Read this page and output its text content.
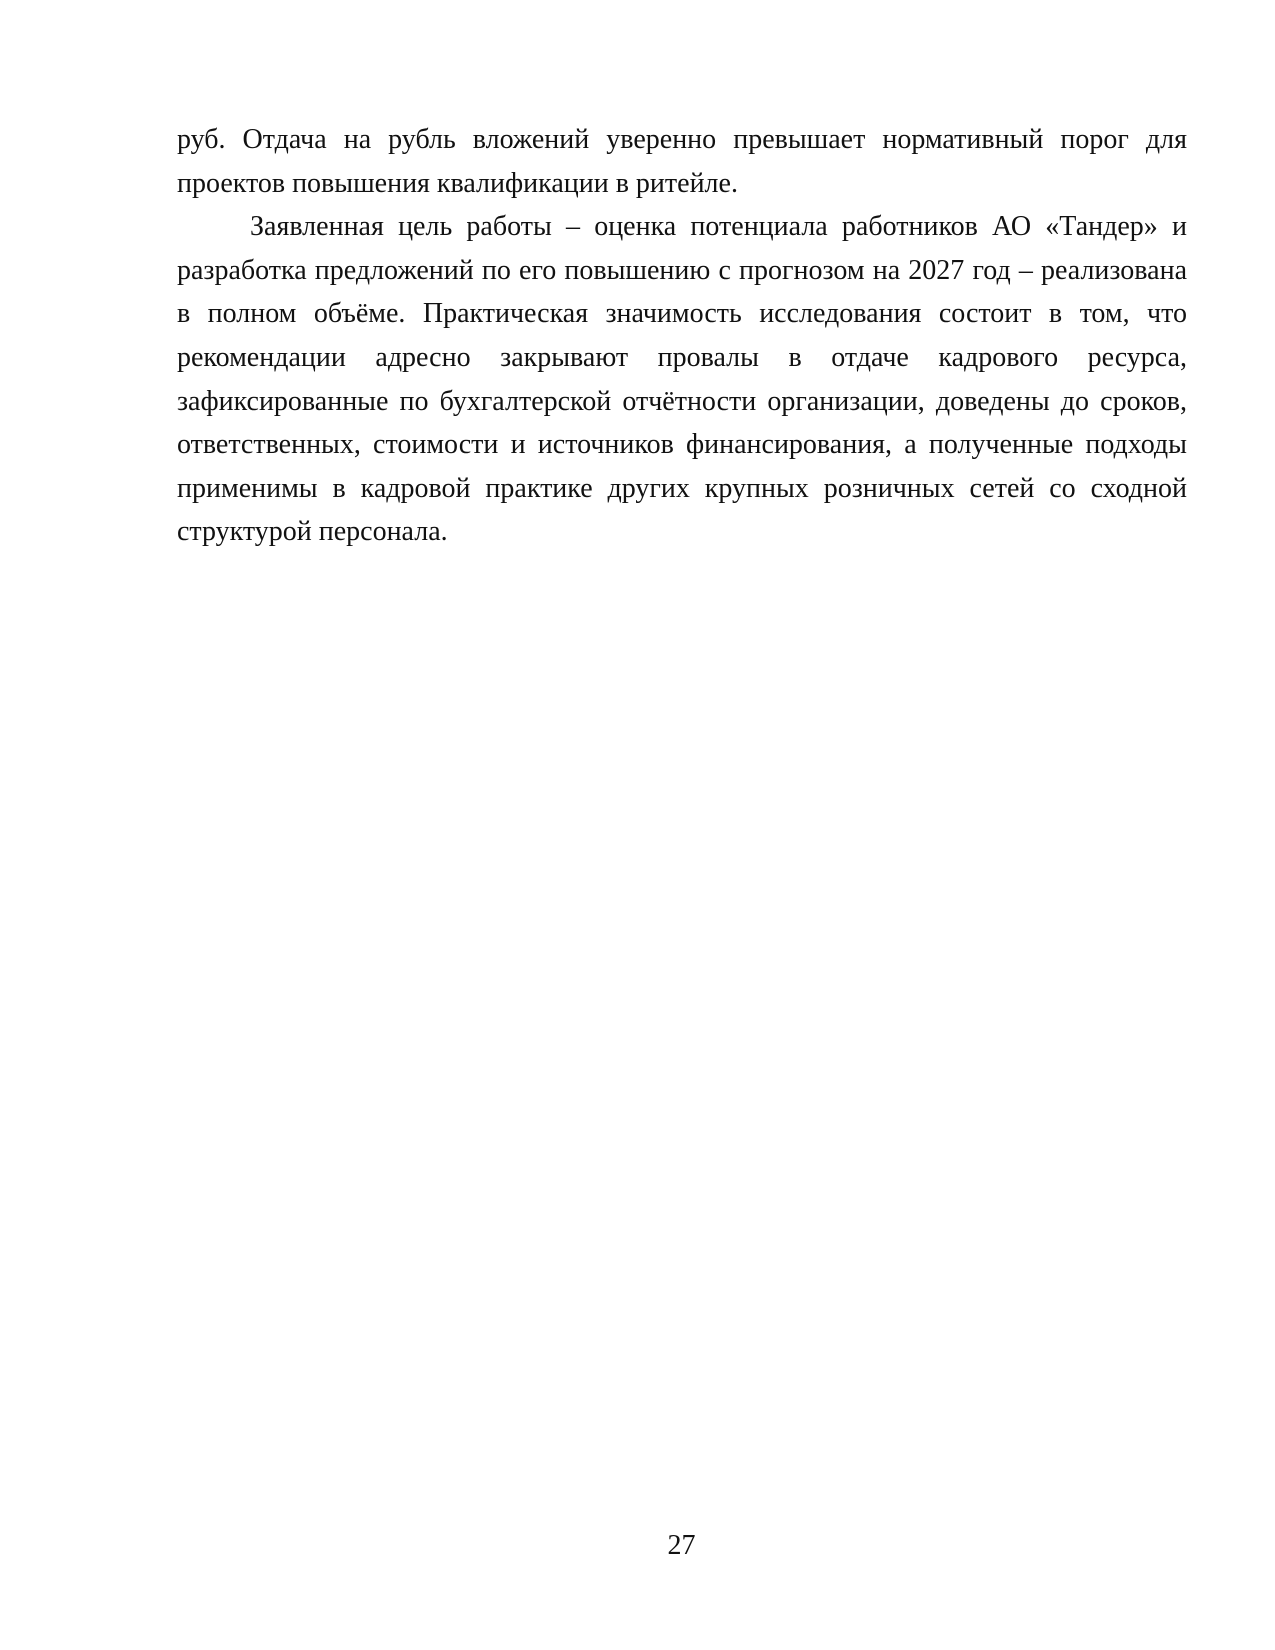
руб. Отдача на рубль вложений уверенно превышает нормативный порог для проектов повышения квалификации в ритейле.

Заявленная цель работы – оценка потенциала работников АО «Тандер» и разработка предложений по его повышению с прогнозом на 2027 год – реализована в полном объёме. Практическая значимость исследования состоит в том, что рекомендации адресно закрывают провалы в отдаче кадрового ресурса, зафиксированные по бухгалтерской отчётности организации, доведены до сроков, ответственных, стоимости и источников финансирования, а полученные подходы применимы в кадровой практике других крупных розничных сетей со сходной структурой персонала.

27
